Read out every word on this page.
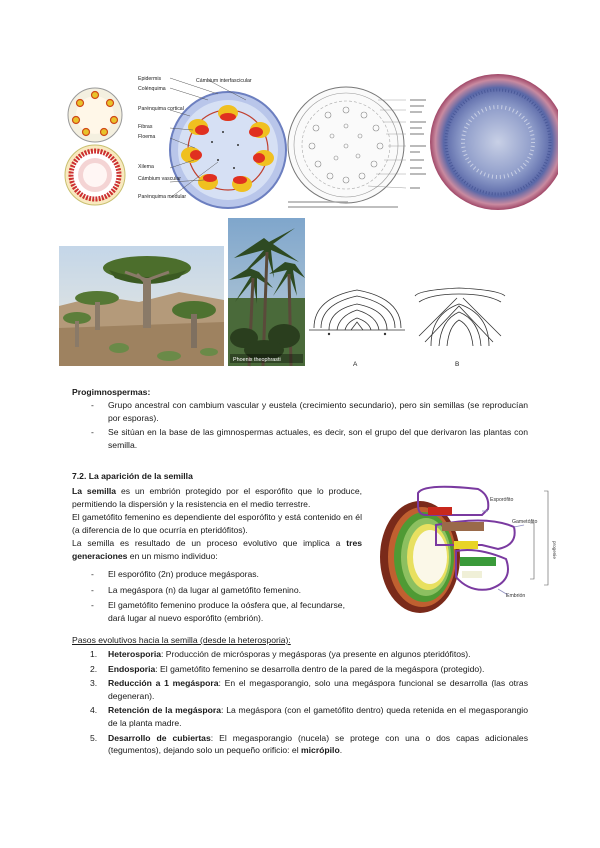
Epidermis
Colénquima
Parénquima cortical
Fibras
Floema
Xilema
Cámbium vascular
Parénquima medular
Cámbium interfascicular
Phoenix theophrasti
A	B
Progimnospermas:
- Grupo ancestral con cambium vascular y eustela (crecimiento secundario), pero sin semillas (se reproducían por esporas).
- Se sitúan en la base de las gimnospermas actuales, es decir, son el grupo del que derivaron las plantas con semilla.
7.2. La aparición de la semilla
La semilla es un embrión protegido por el esporófito que lo produce, permitiendo la dispersión y la resistencia en el medio terrestre.
El gametófito femenino es dependiente del esporófito y está contenido en él (a diferencia de lo que ocurría en pteridófitos).
La semilla es resultado de un proceso evolutivo que implica a tres generaciones en un mismo individuo:
- El esporófito (2n) produce megásporas.
- La megáspora (n) da lugar al gametófito femenino.
- El gametófito femenino produce la oósfera que, al fecundarse, dará lugar al nuevo esporófito (embrión).
Esporófito
Gametófito
Embrión
progenie
Pasos evolutivos hacia la semilla (desde la heterosporia):
1. Heterosporia: Producción de micrósporas y megásporas (ya presente en algunos pteridófitos).
2. Endosporia: El gametófito femenino se desarrolla dentro de la pared de la megáspora (protegido).
3. Reducción a 1 megáspora: En el megasporangio, solo una megáspora funcional se desarrolla (las otras degeneran).
4. Retención de la megáspora: La megáspora (con el gametófito dentro) queda retenida en el megasporangio de la planta madre.
5. Desarrollo de cubiertas: El megasporangio (nucela) se protege con una o dos capas adicionales (tegumentos), dejando solo un pequeño orificio: el micrópilo.
